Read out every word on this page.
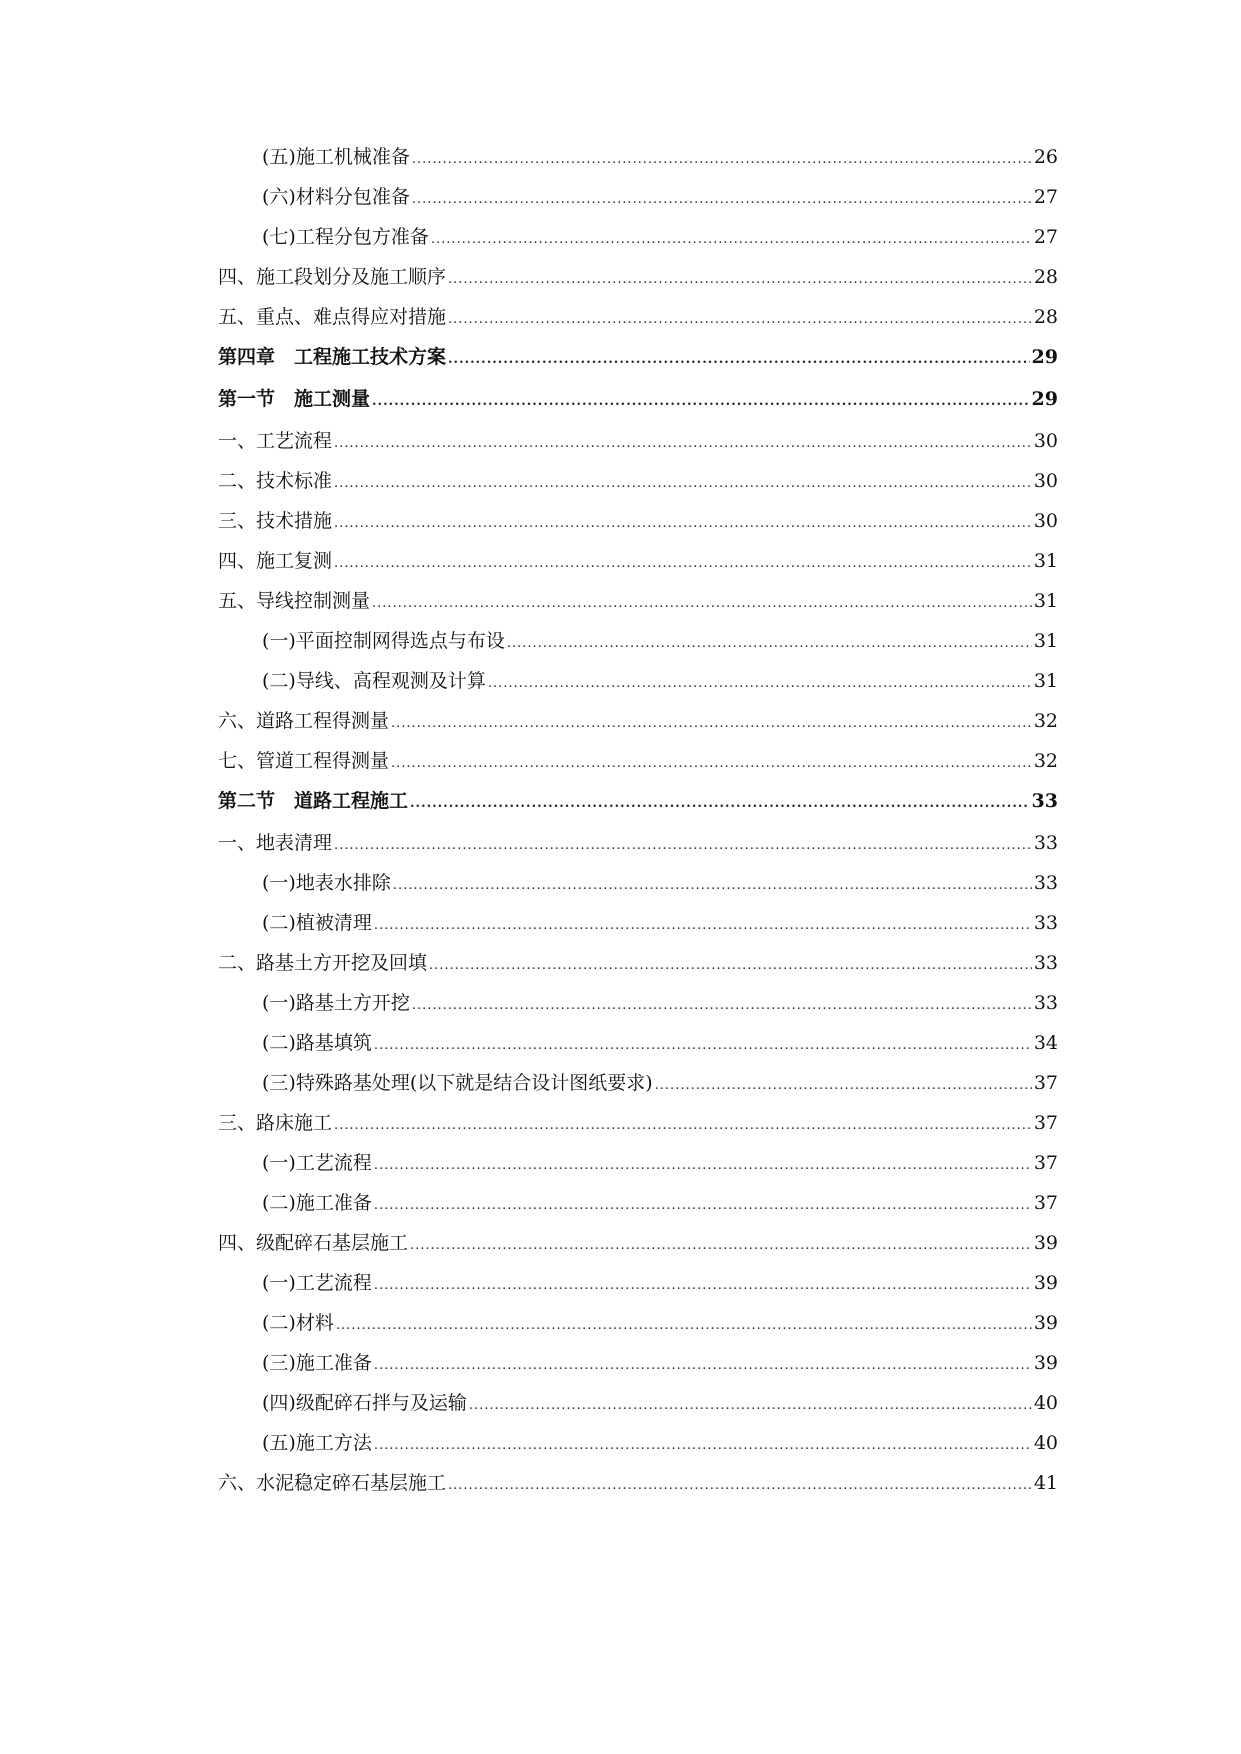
(五)施工机械准备 .....	26
(六)材料分包准备 .....	27
(七)工程分包方准备 .....	27
四、施工段划分及施工顺序 .....	28
五、重点、难点得应对措施 .....	28
第四章　工程施工技术方案 .....	29
第一节　施工测量 .....	29
一、工艺流程 .....	30
二、技术标准 .....	30
三、技术措施 .....	30
四、施工复测 .....	31
五、导线控制测量 .....	31
(一)平面控制网得选点与布设 .....	31
(二)导线、高程观测及计算 .....	31
六、道路工程得测量 .....	32
七、管道工程得测量 .....	32
第二节　道路工程施工 .....	33
一、地表清理 .....	33
(一)地表水排除 .....	33
(二)植被清理 .....	33
二、路基土方开挖及回填 .....	33
(一)路基土方开挖 .....	33
(二)路基填筑 .....	34
(三)特殊路基处理(以下就是结合设计图纸要求) .....	37
三、路床施工 .....	37
(一)工艺流程 .....	37
(二)施工准备 .....	37
四、级配碎石基层施工 .....	39
(一)工艺流程 .....	39
(二)材料 .....	39
(三)施工准备 .....	39
(四)级配碎石拌与及运输 .....	40
(五)施工方法 .....	40
六、水泥稳定碎石基层施工 .....	41
